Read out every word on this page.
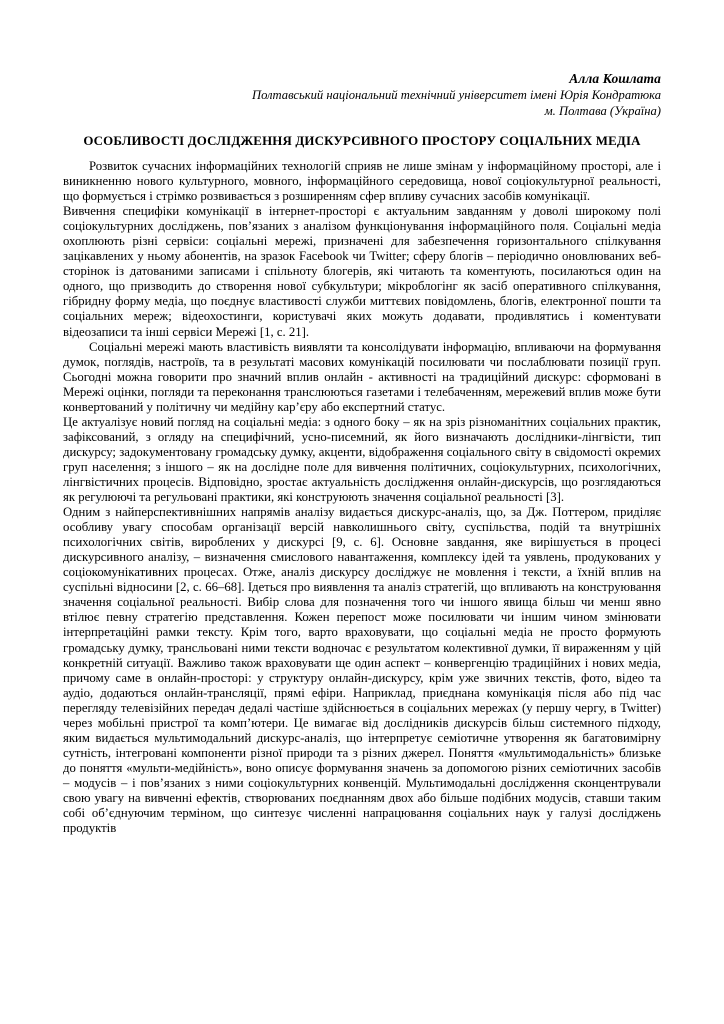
Алла Кошлата
Полтавський національний технічний університет імені Юрія Кондратюка
м. Полтава (Україна)
ОСОБЛИВОСТІ ДОСЛІДЖЕННЯ ДИСКУРСИВНОГО ПРОСТОРУ СОЦІАЛЬНИХ МЕДІА

Розвиток сучасних інформаційних технологій сприяв не лише змінам у інформаційному просторі, але і виникненню нового культурного, мовного, інформаційного середовища, нової соціокультурної реальності, що формується і стрімко розвивається з розширенням сфер впливу сучасних засобів комунікації.

Вивчення специфіки комунікації в інтернет-просторі є актуальним завданням у доволі широкому полі соціокультурних досліджень, пов’язаних з аналізом функціонування інформаційного поля. Соціальні медіа охоплюють різні сервіси: соціальні мережі, призначені для забезпечення горизонтального спілкування зацікавлених у ньому абонентів, на зразок Facebook чи Twitter; сферу блогів – періодично оновлюваних веб-сторінок із датованими записами і спільноту блогерів, які читають та коментують, посилаються один на одного, що призводить до створення нової субкультури; мікроблогінг як засіб оперативного спілкування, гібридну форму медіа, що поєднує властивості служби миттєвих повідомлень, блогів, електронної пошти та соціальних мереж; відеохостинги, користувачі яких можуть додавати, продивлятись і коментувати відеозаписи та інші сервіси Мережі [1, с. 21].

Соціальні мережі мають властивість виявляти та консолідувати інформацію, впливаючи на формування думок, поглядів, настроїв, та в результаті масових комунікацій посилювати чи послаблювати позиції груп. Сьогодні можна говорити про значний вплив онлайн - активності на традиційний дискурс: сформовані в Мережі оцінки, погляди та переконання транслюються газетами і телебаченням, мережевий вплив може бути конвертований у політичну чи медійну кар’єру або експертний статус.

Це актуалізує новий погляд на соціальні медіа: з одного боку – як на зріз різноманітних соціальних практик, зафіксований, з огляду на специфічний, усно-писемний, як його визначають дослідники-лінгвісти, тип дискурсу; задокументовану громадську думку, акценти, відображення соціального світу в свідомості окремих груп населення; з іншого – як на дослідне поле для вивчення політичних, соціокультурних, психологічних, лінгвістичних процесів. Відповідно, зростає актуальність дослідження онлайн-дискурсів, що розглядаються як регулюючі та регульовані практики, які конструюють значення соціальної реальності [3].

Одним з найперспективнішних напрямів аналізу видається дискурс-аналіз, що, за Дж. Поттером, приділяє особливу увагу способам організації версій навколишнього світу, суспільства, подій та внутрішніх психологічних світів, вироблених у дискурсі [9, с. 6]. Основне завдання, яке вирішується в процесі дискурсивного аналізу, – визначення смислового навантаження, комплексу ідей та уявлень, продукованих у соціокомунікативних процесах. Отже, аналіз дискурсу досліджує не мовлення і тексти, а їхній вплив на суспільні відносини [2, с. 66–68]. Ідеться про виявлення та аналіз стратегій, що впливають на конструювання значення соціальної реальності. Вибір слова для позначення того чи іншого явища більш чи менш явно втілює певну стратегію представлення. Кожен перепост може посилювати чи іншим чином змінювати інтерпретаційні рамки тексту. Крім того, варто враховувати, що соціальні медіа не просто формують громадську думку, трансльовані ними тексти водночас є результатом колективної думки, її вираженням у цій конкретній ситуації. Важливо також враховувати ще один аспект – конвергенцію традиційних і нових медіа, причому саме в онлайн-просторі: у структуру онлайн-дискурсу, крім уже звичних текстів, фото, відео та аудіо, додаються онлайн-трансляції, прямі ефіри. Наприклад, приєднана комунікація після або під час перегляду телевізійних передач дедалі частіше здійснюється в соціальних мережах (у першу чергу, в Twitter) через мобільні пристрої та комп’ютери. Це вимагає від дослідників дискурсів більш системного підходу, яким видається мультимодальний дискурс-аналіз, що інтерпретує семіотичне утворення як багатовимірну сутність, інтегровані компоненти різної природи та з різних джерел. Поняття «мультимодальність» близьке до поняття «мульти-медійність», воно описує формування значень за допомогою різних семіотичних засобів – модусів – і пов’язаних з ними соціокультурних конвенцій. Мультимодальні дослідження сконцентрували свою увагу на вивченні ефектів, створюваних поєднанням двох або більше подібних модусів, ставши таким собі об’єднуючим терміном, що синтезує численні напрацювання соціальних наук у галузі досліджень продуктів
